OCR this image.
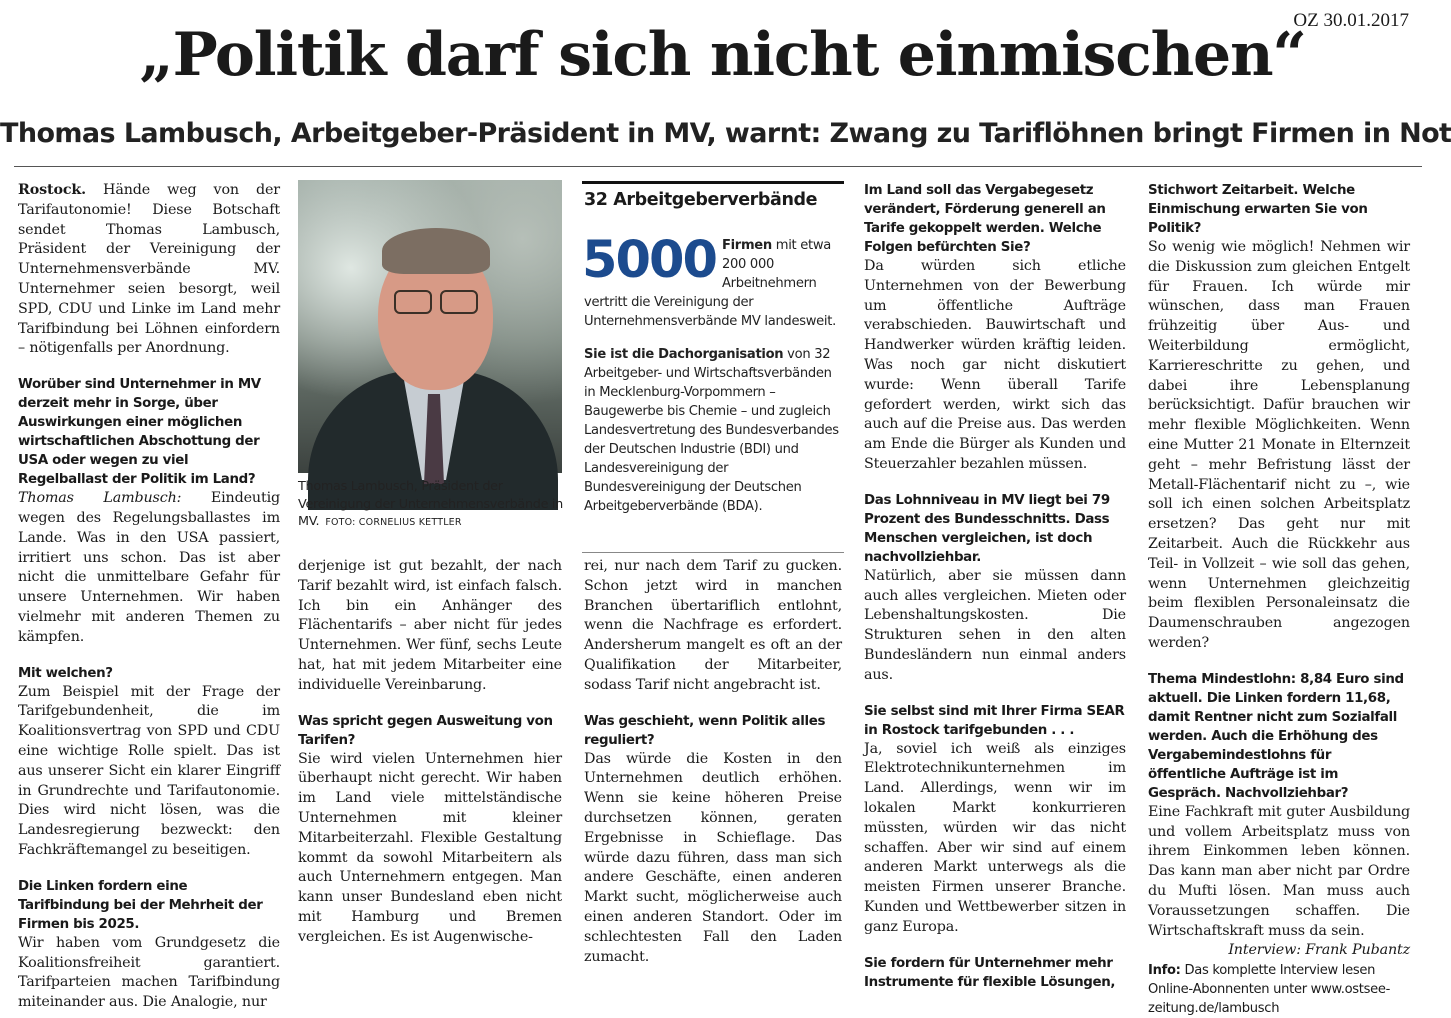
OZ 30.01.2017
„Politik darf sich nicht einmischen“
Thomas Lambusch, Arbeitgeber-Präsident in MV, warnt: Zwang zu Tariflöhnen bringt Firmen in Not

Rostock. Hände weg von der Tarifautonomie! Diese Botschaft sendet Thomas Lambusch, Präsident der Vereinigung der Unternehmensverbände MV. Unternehmer seien besorgt, weil SPD, CDU und Linke im Land mehr Tarifbindung bei Löhnen einfordern – nötigenfalls per Anordnung.

Worüber sind Unternehmer in MV derzeit mehr in Sorge, über Auswirkungen einer möglichen wirtschaftlichen Abschottung der USA oder wegen zu viel Regelballast der Politik im Land?

Thomas Lambusch: Eindeutig wegen des Regelungsballastes im Lande. Was in den USA passiert, irritiert uns schon. Das ist aber nicht die unmittelbare Gefahr für unsere Unternehmen. Wir haben vielmehr mit anderen Themen zu kämpfen.

Mit welchen?

Zum Beispiel mit der Frage der Tarifgebundenheit, die im Koalitionsvertrag von SPD und CDU eine wichtige Rolle spielt. Das ist aus unserer Sicht ein klarer Eingriff in Grundrechte und Tarifautonomie. Dies wird nicht lösen, was die Landesregierung bezweckt: den Fachkräftemangel zu beseitigen.

Die Linken fordern eine Tarifbindung bei der Mehrheit der Firmen bis 2025.

Wir haben vom Grundgesetz die Koalitionsfreiheit garantiert. Tarifparteien machen Tarifbindung miteinander aus. Die Analogie, nur

Thomas Lambusch, Präsident der Vereinigung der Unternehmensverbände in MV. FOTO: CORNELIUS KETTLER

derjenige ist gut bezahlt, der nach Tarif bezahlt wird, ist einfach falsch. Ich bin ein Anhänger des Flächentarifs – aber nicht für jedes Unternehmen. Wer fünf, sechs Leute hat, hat mit jedem Mitarbeiter eine individuelle Vereinbarung.

Was spricht gegen Ausweitung von Tarifen?

Sie wird vielen Unternehmen hier überhaupt nicht gerecht. Wir haben im Land viele mittelständische Unternehmen mit kleiner Mitarbeiterzahl. Flexible Gestaltung kommt da sowohl Mitarbeitern als auch Unternehmern entgegen. Man kann unser Bundesland eben nicht mit Hamburg und Bremen vergleichen. Es ist Augenwische-

32 Arbeitgeberverbände

5000 Firmen mit etwa 200 000 Arbeitnehmern vertritt die Vereinigung der Unternehmensverbände MV landesweit.

Sie ist die Dachorganisation von 32 Arbeitgeber- und Wirtschaftsverbänden in Mecklenburg-Vorpommern – Baugewerbe bis Chemie – und zugleich Landesvertretung des Bundesverbandes der Deutschen Industrie (BDI) und Landesvereinigung der Bundesvereinigung der Deutschen Arbeitgeberverbände (BDA).

rei, nur nach dem Tarif zu gucken. Schon jetzt wird in manchen Branchen übertariflich entlohnt, wenn die Nachfrage es erfordert. Andersherum mangelt es oft an der Qualifikation der Mitarbeiter, sodass Tarif nicht angebracht ist.

Was geschieht, wenn Politik alles reguliert?

Das würde die Kosten in den Unternehmen deutlich erhöhen. Wenn sie keine höheren Preise durchsetzen können, geraten Ergebnisse in Schieflage. Das würde dazu führen, dass man sich andere Geschäfte, einen anderen Markt sucht, möglicherweise auch einen anderen Standort. Oder im schlechtesten Fall den Laden zumacht.

Im Land soll das Vergabegesetz verändert, Förderung generell an Tarife gekoppelt werden. Welche Folgen befürchten Sie?

Da würden sich etliche Unternehmen von der Bewerbung um öffentliche Aufträge verabschieden. Bauwirtschaft und Handwerker würden kräftig leiden. Was noch gar nicht diskutiert wurde: Wenn überall Tarife gefordert werden, wirkt sich das auch auf die Preise aus. Das werden am Ende die Bürger als Kunden und Steuerzahler bezahlen müssen.

Das Lohnniveau in MV liegt bei 79 Prozent des Bundesschnitts. Dass Menschen vergleichen, ist doch nachvollziehbar.

Natürlich, aber sie müssen dann auch alles vergleichen. Mieten oder Lebenshaltungskosten. Die Strukturen sehen in den alten Bundesländern nun einmal anders aus.

Sie selbst sind mit Ihrer Firma SEAR in Rostock tarifgebunden . . .

Ja, soviel ich weiß als einziges Elektrotechnikunternehmen im Land. Allerdings, wenn wir im lokalen Markt konkurrieren müssten, würden wir das nicht schaffen. Aber wir sind auf einem anderen Markt unterwegs als die meisten Firmen unserer Branche. Kunden und Wettbewerber sitzen in ganz Europa.

Sie fordern für Unternehmer mehr Instrumente für flexible Lösungen,

Stichwort Zeitarbeit. Welche Einmischung erwarten Sie von Politik?

So wenig wie möglich! Nehmen wir die Diskussion zum gleichen Entgelt für Frauen. Ich würde mir wünschen, dass man Frauen frühzeitig über Aus- und Weiterbildung ermöglicht, Karriereschritte zu gehen, und dabei ihre Lebensplanung berücksichtigt. Dafür brauchen wir mehr flexible Möglichkeiten. Wenn eine Mutter 21 Monate in Elternzeit geht – mehr Befristung lässt der Metall-Flächentarif nicht zu –, wie soll ich einen solchen Arbeitsplatz ersetzen? Das geht nur mit Zeitarbeit. Auch die Rückkehr aus Teil- in Vollzeit – wie soll das gehen, wenn Unternehmen gleichzeitig beim flexiblen Personaleinsatz die Daumenschrauben angezogen werden?

Thema Mindestlohn: 8,84 Euro sind aktuell. Die Linken fordern 11,68, damit Rentner nicht zum Sozialfall werden. Auch die Erhöhung des Vergabemindestlohns für öffentliche Aufträge ist im Gespräch. Nachvollziehbar?

Eine Fachkraft mit guter Ausbildung und vollem Arbeitsplatz muss von ihrem Einkommen leben können. Das kann man aber nicht par Ordre du Mufti lösen. Man muss auch Voraussetzungen schaffen. Die Wirtschaftskraft muss da sein.
Interview: Frank Pubantz

Info: Das komplette Interview lesen Online-Abonnenten unter www.ostsee-zeitung.de/lambusch
